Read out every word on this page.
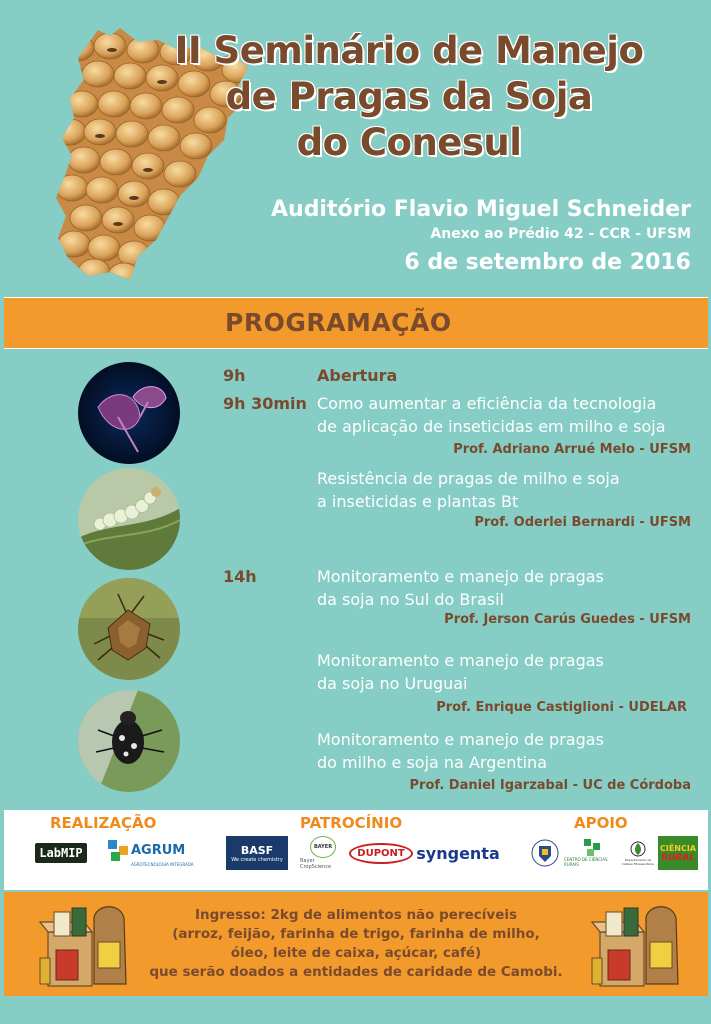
II Seminário de Manejo
de Pragas da Soja
do Conesul
Auditório Flavio Miguel Schneider
Anexo ao Prédio 42 - CCR - UFSM
6 de setembro de 2016
PROGRAMAÇÃO
9h	Abertura
9h 30min Como aumentar a eficiência da tecnologia
de aplicação de inseticidas em milho e soja
Prof. Adriano Arrué Melo - UFSM
Resistência de pragas de milho e soja
a inseticidas e plantas Bt
Prof. Oderlei Bernardi - UFSM
14h	Monitoramento e manejo de pragas
da soja no Sul do Brasil
Prof. Jerson Carús Guedes - UFSM
Monitoramento e manejo de pragas
da soja no Uruguai
Prof. Enrique Castiglioni - UDELAR
Monitoramento e manejo de pragas
do milho e soja na Argentina
Prof. Daniel Igarzabal - UC de Córdoba
REALIZAÇÃO	PATROCÍNIO	APOIO
LabMIP	AGRUM
AGROTECNOLOGIA INTEGRADA
BASF
We create chemistry
BAYER
Bayer CropScience
DUPONT syngenta	CENTRO DE CIÊNCIAS RURAIS
Departamento de Defesa Fitossanitária
CIÊNCIA
RURAL
Ingresso: 2kg de alimentos não perecíveis
(arroz, feijão, farinha de trigo, farinha de milho,
óleo, leite de caixa, açúcar, café)
que serão doados a entidades de caridade de Camobi.
